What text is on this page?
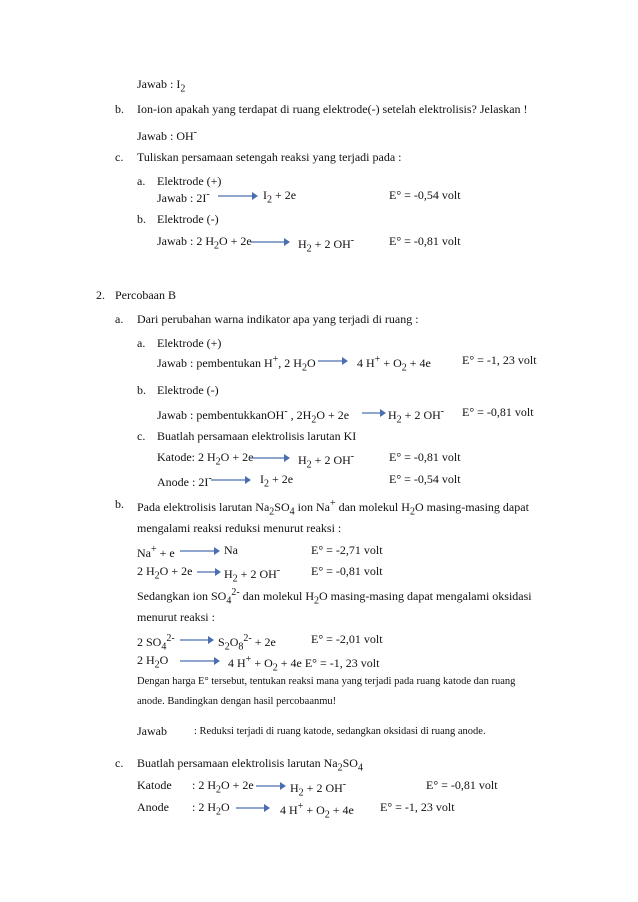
Jawab : $I_2$
b. Ion-ion apakah yang terdapat di ruang elektrode(-) setelah elektrolisis? Jelaskan !
Jawab : OH-
c. Tuliskan persamaan setengah reaksi yang terjadi pada :
a. Elektrode (+)
Jawab : $2I^- \to I_2 + 2e$	E° = -0,54 volt
b. Elektrode (-)
Jawab : 2 $H_2O + 2e \to H_2 + 2$ OH-	E° = -0,81 volt
2. Percobaan B
a. Dari perubahan warna indikator apa yang terjadi di ruang :
a. Elektrode (+)
Jawab : pembentukan H+, 2 $H_2O \to 4$ $H^+ + O_2 + 4e$	E° = -1, 23 volt
b. Elektrode (-)
Jawab : pembentukkanOH- , $2H_2O + 2e \to H_2 + 2$ OH- E° = -0,81 volt
c. Buatlah persamaan elektrolisis larutan KI
Katode: 2 $H_2O + 2e \to H_2 + 2$ OH-	E° = -0,81 volt
Anode : $2I^- \to I_2 + 2e$	E° = -0,54 volt
b. Pada elektrolisis larutan $Na_2SO_4$ ion Na+ dan molekul $H_2O$ masing-masing dapat
mengalami reaksi reduksi menurut reaksi :
Na+ + e → Na	E° = -2,71 volt
2 $H_2O + 2e \to H_2 + 2$ OH-	E° = -0,81 volt
Sedangkan ion $SO_4^{2-}$ dan molekul $H_2O$ masing-masing dapat mengalami oksidasi
menurut reaksi :
2 $SO_4^{2-} \to S_2O_8^{2-} + 2e$	E° = -2,01 volt
2 $H_2O \to 4$ $H^+ + O_2 + 4e$ E° = -1, 23 volt
Dengan harga E° tersebut, tentukan reaksi mana yang terjadi pada ruang katode dan ruang
anode. Bandingkan dengan hasil percobaanmu!
Jawab	: Reduksi terjadi di ruang katode, sedangkan oksidasi di ruang anode.
c. Buatlah persamaan elektrolisis larutan $Na_2SO_4$
Katode : 2 $H_2O + 2e \to H_2 + 2$ OH-	E° = -0,81 volt
Anode : 2 $H_2O \to 4$ $H^+ + O_2 + 4e$ E° = -1, 23 volt
